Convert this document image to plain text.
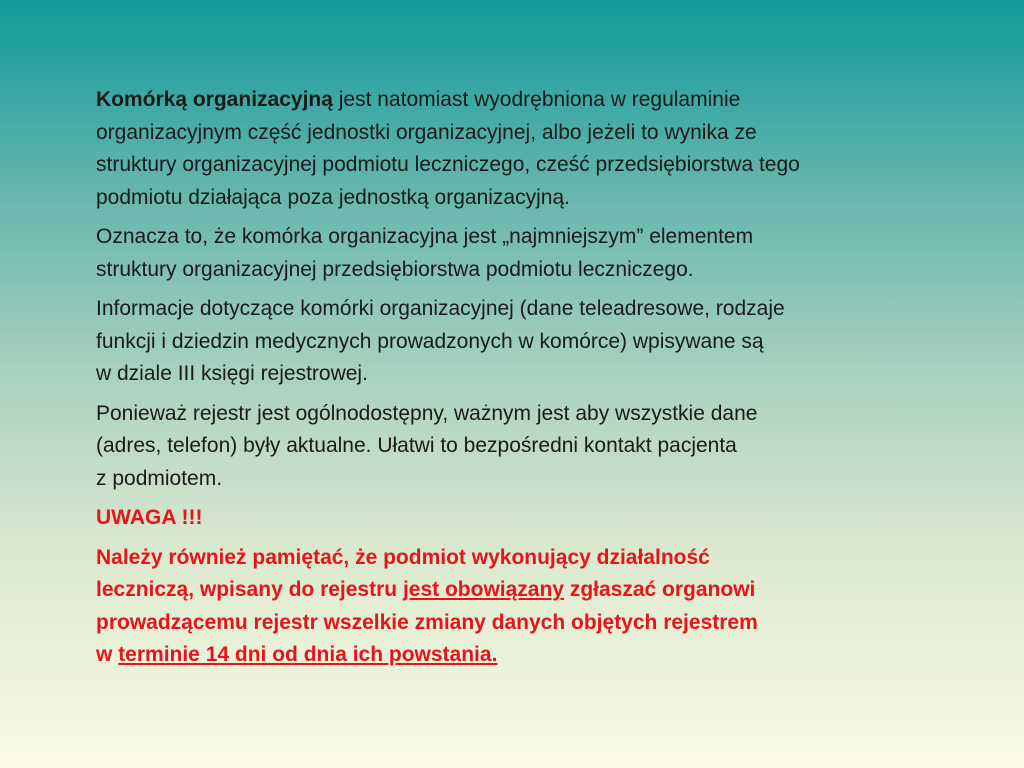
Komórką organizacyjną jest natomiast wyodrębniona w regulaminie
organizacyjnym część jednostki organizacyjnej, albo jeżeli to wynika ze
struktury organizacyjnej podmiotu leczniczego, cześć przedsiębiorstwa tego
podmiotu działająca poza jednostką organizacyjną.

Oznacza to, że komórka organizacyjna jest „najmniejszym” elementem
struktury organizacyjnej przedsiębiorstwa podmiotu leczniczego.

Informacje dotyczące komórki organizacyjnej (dane teleadresowe, rodzaje
funkcji i dziedzin medycznych prowadzonych w komórce) wpisywane są
w dziale III księgi rejestrowej.

Ponieważ rejestr jest ogólnodostępny, ważnym jest aby wszystkie dane
(adres, telefon) były aktualne. Ułatwi to bezpośredni kontakt pacjenta
z podmiotem.

UWAGA !!!

Należy również pamiętać, że podmiot wykonujący działalność
leczniczą, wpisany do rejestru jest obowiązany zgłaszać organowi
prowadzącemu rejestr wszelkie zmiany danych objętych rejestrem
w terminie 14 dni od dnia ich powstania.
